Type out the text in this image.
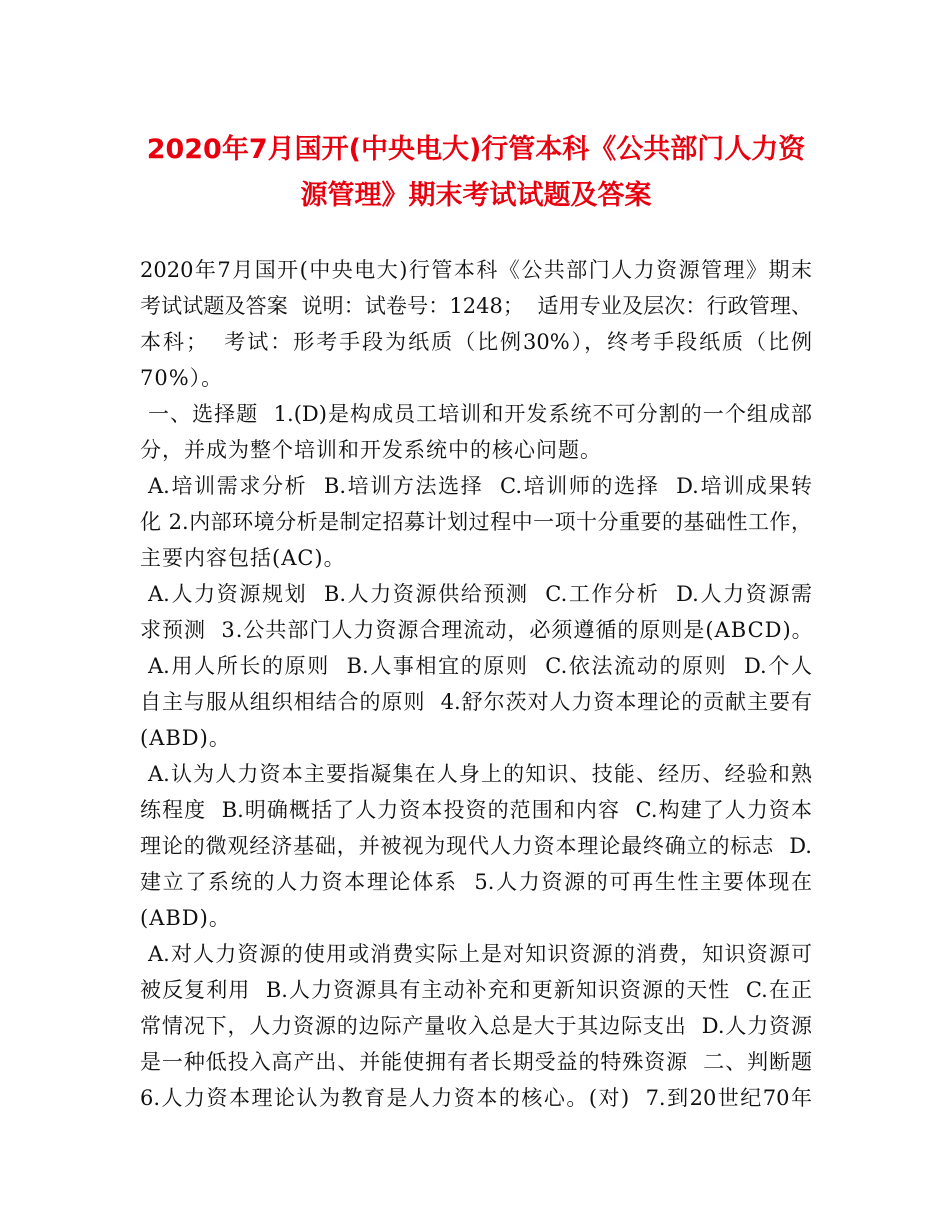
2020年7月国开(中央电大)行管本科《公共部门人力资
源管理》期末考试试题及答案
2020年7月国开(中央电大)行管本科《公共部门人力资源管理》期末
考试试题及答案  说明：试卷号：1248；  适用专业及层次：行政管理、
本科；  考试：形考手段为纸质（比例30%），终考手段纸质（比例
70%）。
一、选择题  1.(D)是构成员工培训和开发系统不可分割的一个组成部
分，并成为整个培训和开发系统中的核心问题。
A.培训需求分析  B.培训方法选择  C.培训师的选择  D.培训成果转
化 2.内部环境分析是制定招募计划过程中一项十分重要的基础性工作，
主要内容包括(AC)。
A.人力资源规划  B.人力资源供给预测  C.工作分析  D.人力资源需
求预测  3.公共部门人力资源合理流动，必须遵循的原则是(ABCD)。
A.用人所长的原则  B.人事相宜的原则  C.依法流动的原则  D.个人
自主与服从组织相结合的原则  4.舒尔茨对人力资本理论的贡献主要有
(ABD)。
A.认为人力资本主要指凝集在人身上的知识、技能、经历、经验和熟
练程度  B.明确概括了人力资本投资的范围和内容  C.构建了人力资本
理论的微观经济基础，并被视为现代人力资本理论最终确立的标志  D.
建立了系统的人力资本理论体系  5.人力资源的可再生性主要体现在
(ABD)。
A.对人力资源的使用或消费实际上是对知识资源的消费，知识资源可
被反复利用  B.人力资源具有主动补充和更新知识资源的天性  C.在正
常情况下，人力资源的边际产量收入总是大于其边际支出  D.人力资源
是一种低投入高产出、并能使拥有者长期受益的特殊资源  二、判断题
6.人力资本理论认为教育是人力资本的核心。(对)  7.到20世纪70年
